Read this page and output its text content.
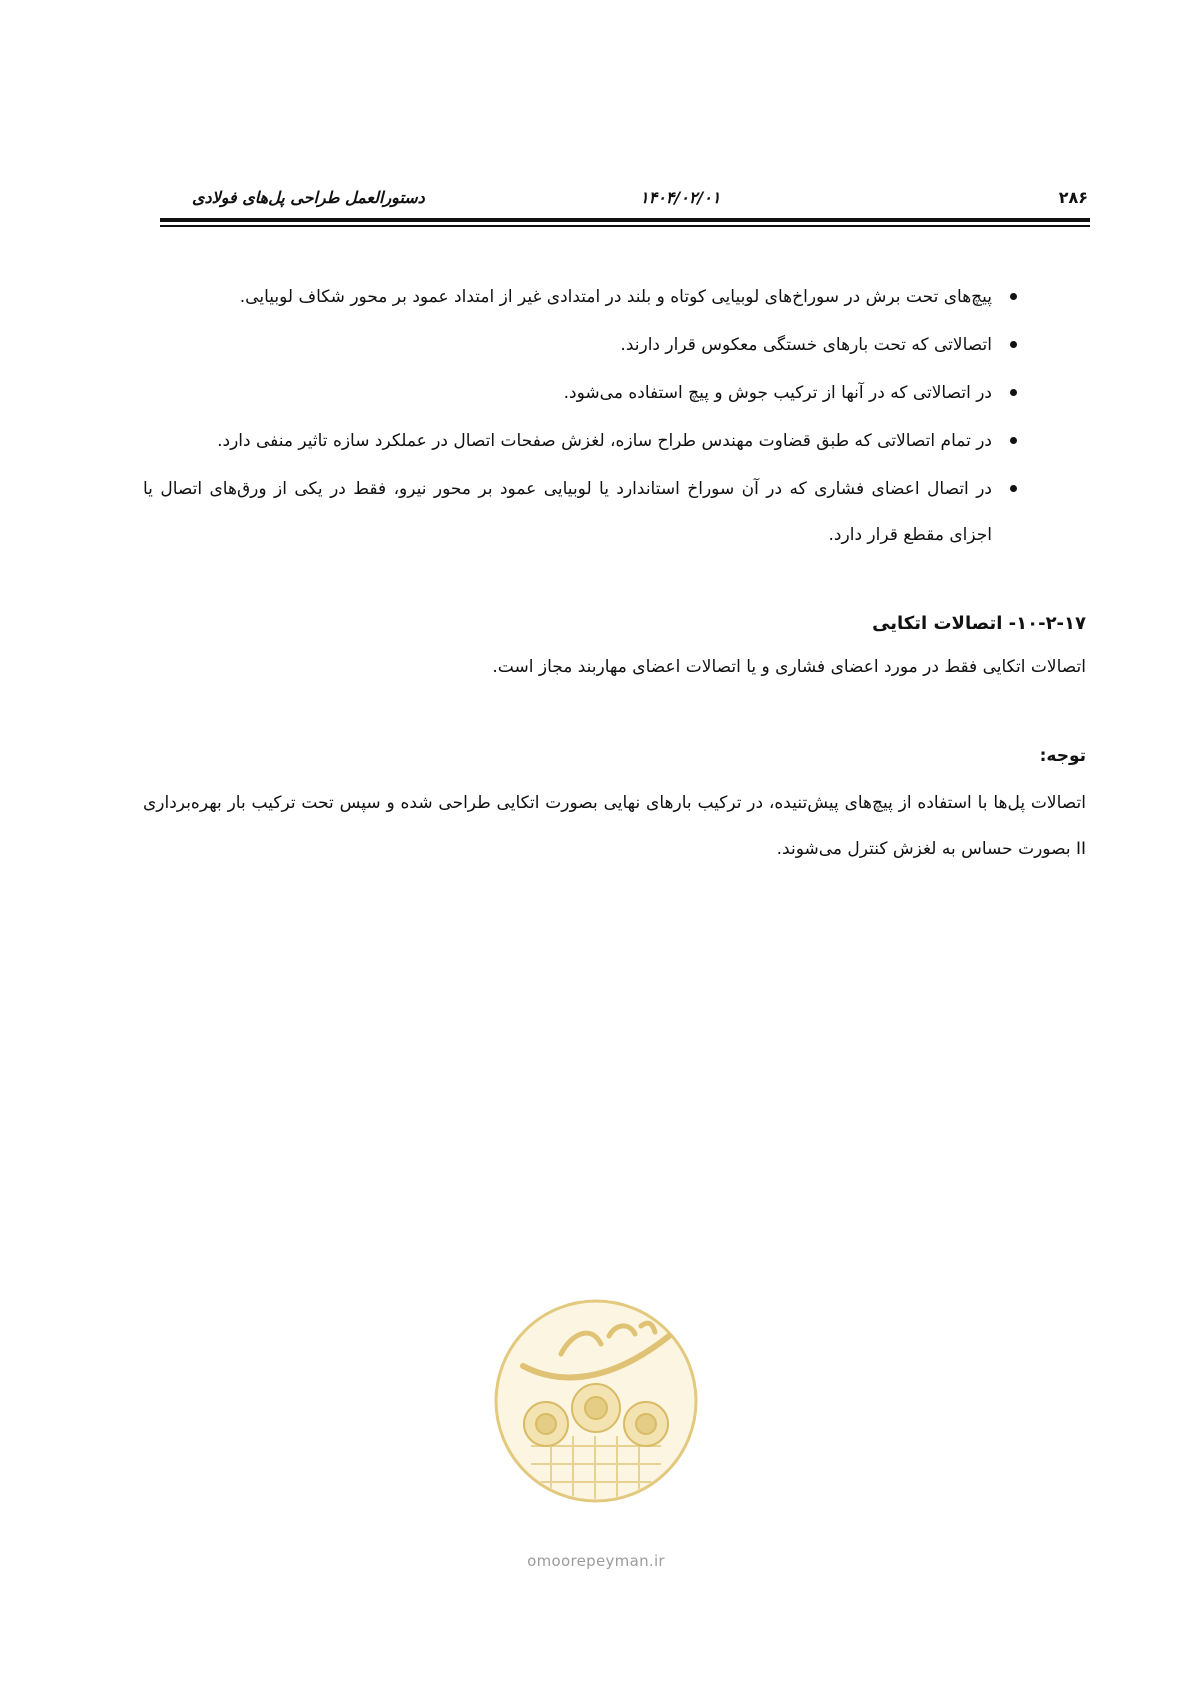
۲۸۶
۱۴۰۴/۰۲/۰۱
دستورالعمل طراحی پل‌های فولادی
پیچ‌های تحت برش در سوراخ‌های لوبیایی کوتاه و بلند در امتدادی غیر از امتداد عمود بر محور شکاف لوبیایی.
اتصالاتی که تحت بارهای خستگی معکوس قرار دارند.
در اتصالاتی که در آنها از ترکیب جوش و پیچ استفاده می‌شود.
در تمام اتصالاتی که طبق قضاوت مهندس طراح سازه، لغزش صفحات اتصال در عملکرد سازه تاثیر منفی دارد.
در اتصال اعضای فشاری که در آن سوراخ استاندارد یا لوبیایی عمود بر محور نیرو، فقط در یکی از ورق‌های اتصال یا اجزای مقطع قرار دارد.
۱۰-۲-۱۷- اتصالات اتکایی

اتصالات اتکایی فقط در مورد اعضای فشاری و یا اتصالات اعضای مهاربند مجاز است.

توجه:

اتصالات پل‌ها با استفاده از پیچ‌های پیش‌تنیده، در ترکیب بارهای نهایی بصورت اتکایی طراحی شده و سپس تحت ترکیب بار بهره‌برداری II بصورت حساس به لغزش کنترل می‌شوند.

omoorepeyman.ir
